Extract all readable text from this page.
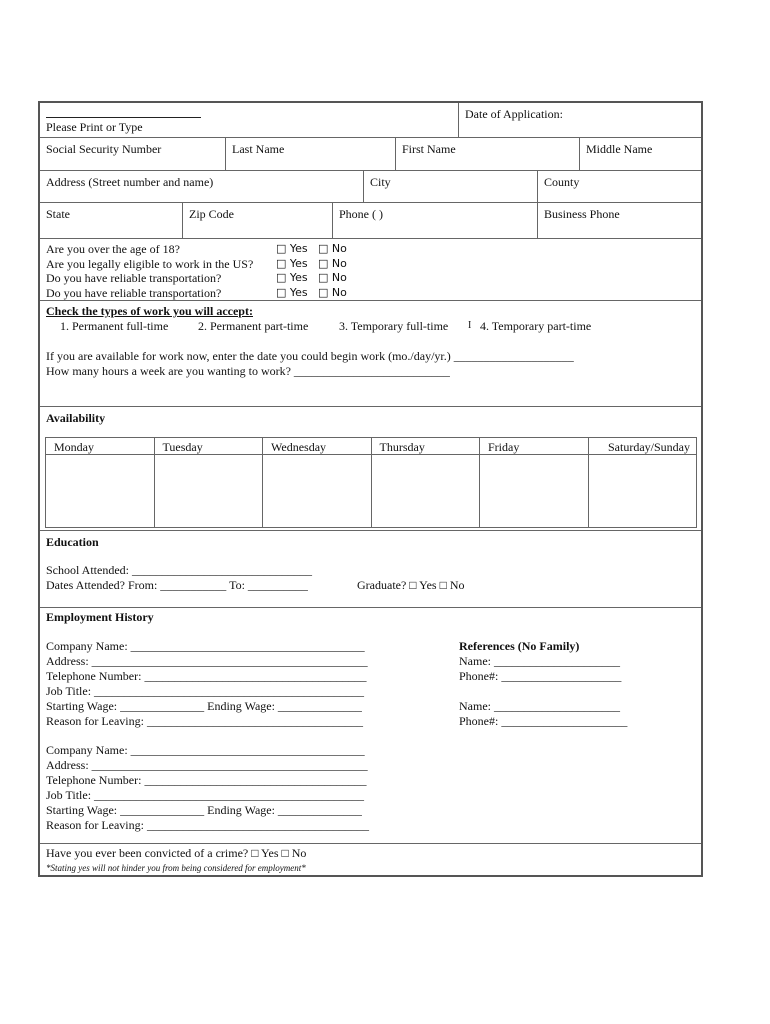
Please Print or Type
Date of Application:
Social Security Number	Last Name	First Name	Middle Name
Address (Street number and name)	City	County
State	Zip Code	Phone ( )	Business Phone
Are you over the age of 18?	□ Yes □ No
Are you legally eligible to work in the US? □ Yes □ No
Do you have reliable transportation?	□ Yes □ No
Do you have reliable transportation?	□ Yes □ No
Check the types of work you will accept:
1. Permanent full-time 2. Permanent part-time	3. Temporary full-time I 4. Temporary part-time
If you are available for work now, enter the date you could begin work (mo./day/yr.) ____________________
How many hours a week are you wanting to work? __________________________
Availability
Monday	Tuesday	Wednesday	Thursday	Friday	Saturday/Sunday
Education
School Attended: ______________________________
Dates Attended? From: ___________ To: __________	Graduate? □ Yes □ No
Employment History
Company Name: _______________________________________
Address: ______________________________________________
Telephone Number: _____________________________________
Job Title: _____________________________________________
Starting Wage: ______________ Ending Wage: ______________
Reason for Leaving: ____________________________________
References (No Family)
Name: _____________________
Phone#: ____________________
Name: _____________________
Phone#: _____________________
Company Name: _______________________________________
Address: ______________________________________________
Telephone Number: _____________________________________
Job Title: _____________________________________________
Starting Wage: ______________ Ending Wage: ______________
Reason for Leaving: _____________________________________
Have you ever been convicted of a crime? □ Yes □ No
*Stating yes will not hinder you from being considered for employment*
